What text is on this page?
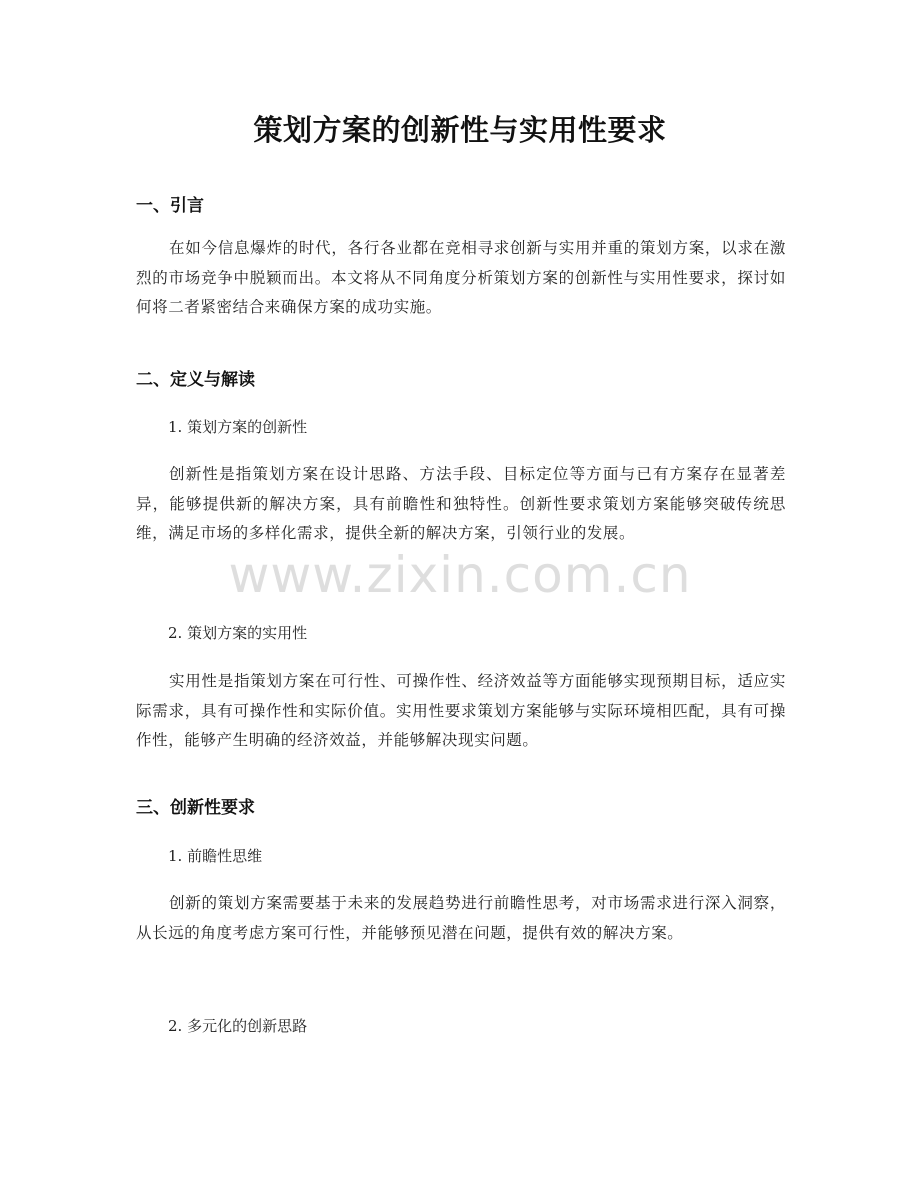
策划方案的创新性与实用性要求
一、引言
在如今信息爆炸的时代，各行各业都在竞相寻求创新与实用并重的策划方案，以求在激烈的市场竞争中脱颖而出。本文将从不同角度分析策划方案的创新性与实用性要求，探讨如何将二者紧密结合来确保方案的成功实施。
二、定义与解读
1. 策划方案的创新性
创新性是指策划方案在设计思路、方法手段、目标定位等方面与已有方案存在显著差异，能够提供新的解决方案，具有前瞻性和独特性。创新性要求策划方案能够突破传统思维，满足市场的多样化需求，提供全新的解决方案，引领行业的发展。
2. 策划方案的实用性
实用性是指策划方案在可行性、可操作性、经济效益等方面能够实现预期目标，适应实际需求，具有可操作性和实际价值。实用性要求策划方案能够与实际环境相匹配，具有可操作性，能够产生明确的经济效益，并能够解决现实问题。
三、创新性要求
1. 前瞻性思维
创新的策划方案需要基于未来的发展趋势进行前瞻性思考，对市场需求进行深入洞察，从长远的角度考虑方案可行性，并能够预见潜在问题，提供有效的解决方案。
2. 多元化的创新思路
www.zixin.com.cn
